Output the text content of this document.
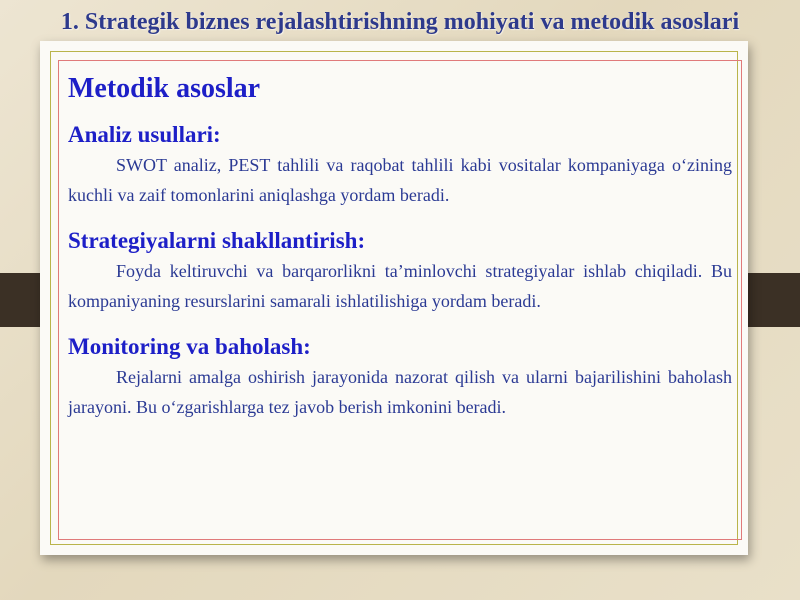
1. Strategik biznes rejalashtirishning mohiyati va metodik asoslari
Metodik asoslar
Analiz usullari:

SWOT analiz, PEST tahlili va raqobat tahlili kabi vositalar kompaniyaga o‘zining kuchli va zaif tomonlarini aniqlashga yordam beradi.

Strategiyalarni shakllantirish:

Foyda keltiruvchi va barqarorlikni ta’minlovchi strategiyalar ishlab chiqiladi. Bu kompaniyaning resurslarini samarali ishlatilishiga yordam beradi.

Monitoring va baholash:

Rejalarni amalga oshirish jarayonida nazorat qilish va ularni bajarilishini baholash jarayoni. Bu o‘zgarishlarga tez javob berish imkonini beradi.
